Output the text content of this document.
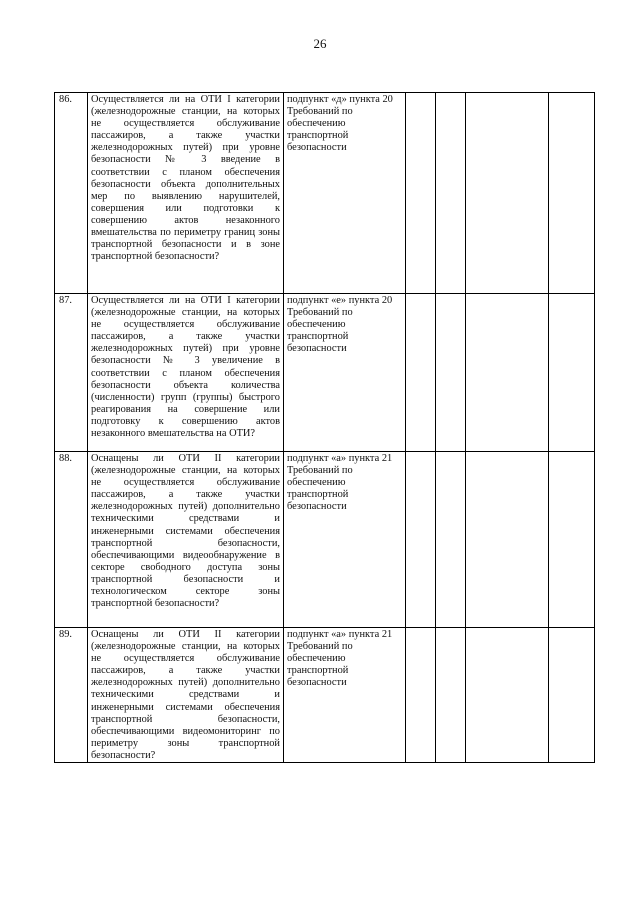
26
86.	Осуществляется ли на ОТИ I категории (железнодорожные станции, на которых не осуществляется обслуживание пассажиров, а также участки железнодорожных путей) при уровне безопасности № 3 введение в соответствии с планом обеспечения безопасности объекта дополнительных мер по выявлению нарушителей, совершения или подготовки к совершению актов незаконного вмешательства по периметру границ зоны транспортной безопасности и в зоне транспортной безопасности?	подпункт «д» пункта 20 Требований по обеспечению транспортной безопасности				
87.	Осуществляется ли на ОТИ I категории (железнодорожные станции, на которых не осуществляется обслуживание пассажиров, а также участки железнодорожных путей) при уровне безопасности № 3 увеличение в соответствии с планом обеспечения безопасности объекта количества (численности) групп (группы) быстрого реагирования на совершение или подготовку к совершению актов незаконного вмешательства на ОТИ?	подпункт «е» пункта 20 Требований по обеспечению транспортной безопасности				
88.	Оснащены ли ОТИ II категории (железнодорожные станции, на которых не осуществляется обслуживание пассажиров, а также участки железнодорожных путей) дополнительно техническими средствами и инженерными системами обеспечения транспортной безопасности, обеспечивающими видеообнаружение в секторе свободного доступа зоны транспортной безопасности и технологическом секторе зоны транспортной безопасности?	подпункт «а» пункта 21 Требований по обеспечению транспортной безопасности				
89.	Оснащены ли ОТИ II категории (железнодорожные станции, на которых не осуществляется обслуживание пассажиров, а также участки железнодорожных путей) дополнительно техническими средствами и инженерными системами обеспечения транспортной безопасности, обеспечивающими видеомониторинг по периметру зоны транспортной безопасности?	подпункт «а» пункта 21 Требований по обеспечению транспортной безопасности				
